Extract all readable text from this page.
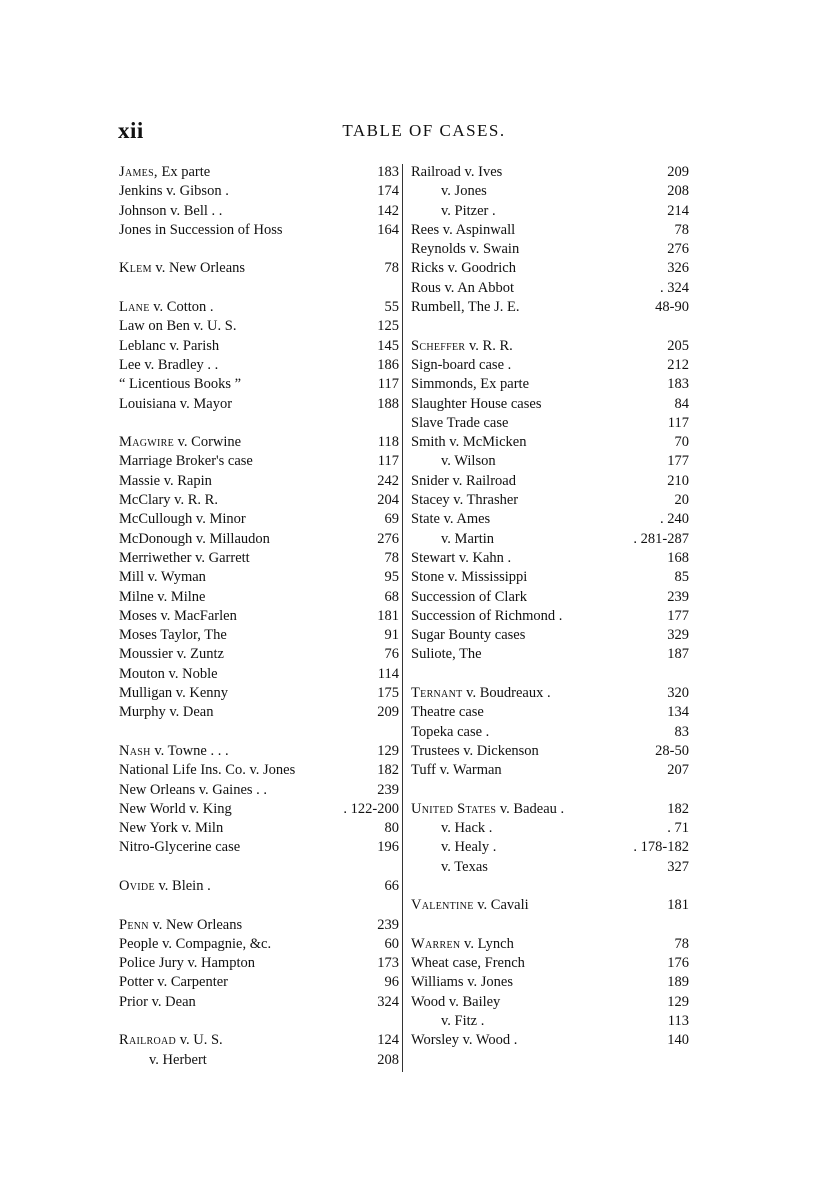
xii	TABLE OF CASES.
James, Ex parte	183
Jenkins v. Gibson .	174
Johnson v. Bell . .	142
Jones in Succession of Hoss	164
Klem v. New Orleans	78
Lane v. Cotton .	55
Law on Ben v. U. S.	125
Leblanc v. Parish	145
Lee v. Bradley . .	186
“ Licentious Books ”	117
Louisiana v. Mayor	188
Magwire v. Corwine	118
Marriage Broker's case	117
Massie v. Rapin	242
McClary v. R. R.	204
McCullough v. Minor	69
McDonough v. Millaudon	276
Merriwether v. Garrett	78
Mill v. Wyman	95
Milne v. Milne	68
Moses v. MacFarlen	181
Moses Taylor, The	91
Moussier v. Zuntz	76
Mouton v. Noble	114
Mulligan v. Kenny	175
Murphy v. Dean	209
Nash v. Towne . . .	129
National Life Ins. Co. v. Jones	182
New Orleans v. Gaines . .	239
New World v. King	. 122-200
New York v. Miln	80
Nitro-Glycerine case	196
Ovide v. Blein .	66
Penn v. New Orleans	239
People v. Compagnie, &c.	60
Police Jury v. Hampton	173
Potter v. Carpenter	96
Prior v. Dean	324
Railroad v. U. S.	124
v. Herbert	208
Railroad v. Ives	209
v. Jones	208
v. Pitzer .	214
Rees v. Aspinwall	78
Reynolds v. Swain	276
Ricks v. Goodrich	326
Rous v. An Abbot	. 324
Rumbell, The J. E.	48-90
Scheffer v. R. R.	205
Sign-board case .	212
Simmonds, Ex parte	183
Slaughter House cases	84
Slave Trade case	117
Smith v. McMicken	70
v. Wilson	177
Snider v. Railroad	210
Stacey v. Thrasher	20
State v. Ames	. 240
v. Martin	. 281-287
Stewart v. Kahn .	168
Stone v. Mississippi	85
Succession of Clark	239
Succession of Richmond .	177
Sugar Bounty cases	329
Suliote, The	187
Ternant v. Boudreaux .	320
Theatre case	134
Topeka case .	83
Trustees v. Dickenson	28-50
Tuff v. Warman	207
United States v. Badeau .	182
v. Hack .	. 71
v. Healy .	. 178-182
v. Texas	327
Valentine v. Cavali	181
Warren v. Lynch	78
Wheat case, French	176
Williams v. Jones	189
Wood v. Bailey	129
v. Fitz .	113
Worsley v. Wood .	140
